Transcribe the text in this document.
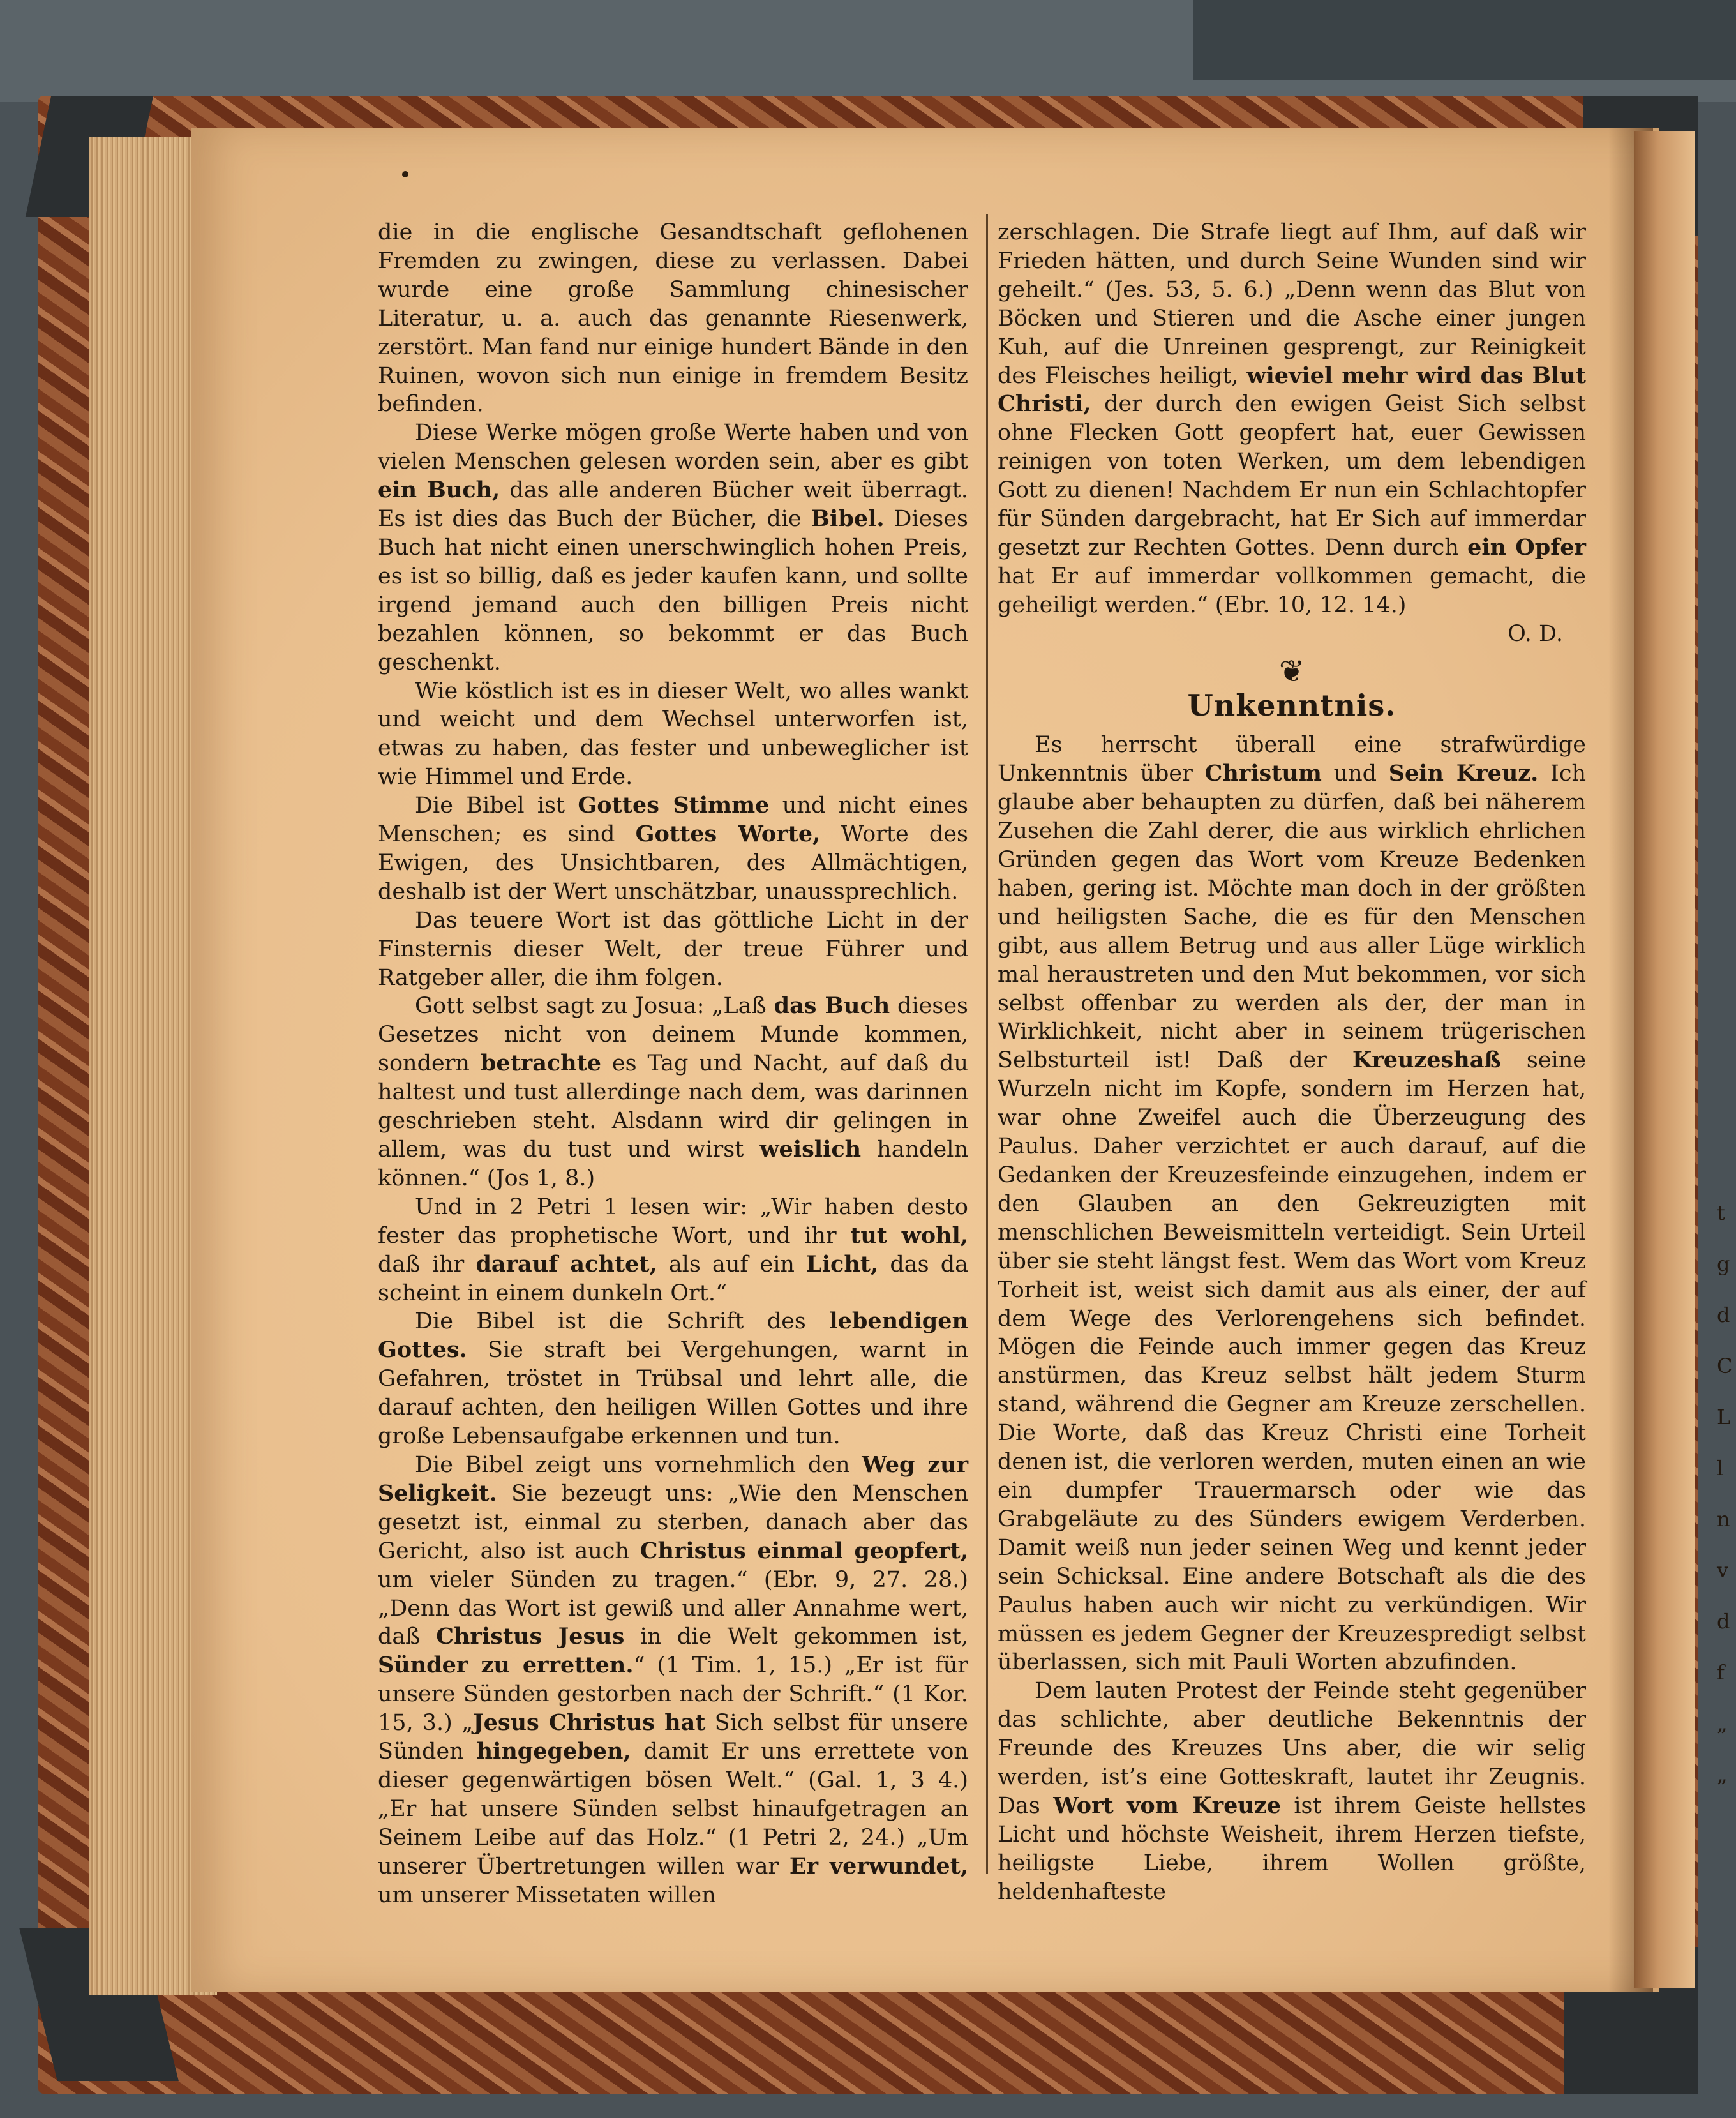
die in die englische Gesandtschaft geflohenen Fremden zu zwingen, diese zu verlassen. Dabei wurde eine große Sammlung chinesischer Literatur, u. a. auch das genannte Riesenwerk, zerstört. Man fand nur einige hundert Bände in den Ruinen, wovon sich nun einige in fremdem Besitz befinden.

Diese Werke mögen große Werte haben und von vielen Menschen gelesen worden sein, aber es gibt ein Buch, das alle anderen Bücher weit überragt. Es ist dies das Buch der Bücher, die Bibel. Dieses Buch hat nicht einen unerschwinglich hohen Preis, es ist so billig, daß es jeder kaufen kann, und sollte irgend jemand auch den billigen Preis nicht bezahlen können, so bekommt er das Buch geschenkt.

Wie köstlich ist es in dieser Welt, wo alles wankt und weicht und dem Wechsel unterworfen ist, etwas zu haben, das fester und unbeweglicher ist wie Himmel und Erde.

Die Bibel ist Gottes Stimme und nicht eines Menschen; es sind Gottes Worte, Worte des Ewigen, des Unsichtbaren, des Allmächtigen, deshalb ist der Wert unschätzbar, unaussprechlich.

Das teuere Wort ist das göttliche Licht in der Finsternis dieser Welt, der treue Führer und Ratgeber aller, die ihm folgen.

Gott selbst sagt zu Josua: „Laß das Buch dieses Gesetzes nicht von deinem Munde kommen, sondern betrachte es Tag und Nacht, auf daß du haltest und tust allerdinge nach dem, was darinnen geschrieben steht. Alsdann wird dir gelingen in allem, was du tust und wirst weislich handeln können.“ (Jos 1, 8.)

Und in 2 Petri 1 lesen wir: „Wir haben desto fester das prophetische Wort, und ihr tut wohl, daß ihr darauf achtet, als auf ein Licht, das da scheint in einem dunkeln Ort.“

Die Bibel ist die Schrift des lebendigen Gottes. Sie straft bei Vergehungen, warnt in Gefahren, tröstet in Trübsal und lehrt alle, die darauf achten, den heiligen Willen Gottes und ihre große Lebensaufgabe erkennen und tun.

Die Bibel zeigt uns vornehmlich den Weg zur Seligkeit. Sie bezeugt uns: „Wie den Menschen gesetzt ist, einmal zu sterben, danach aber das Gericht, also ist auch Christus einmal geopfert, um vieler Sünden zu tragen.“ (Ebr. 9, 27. 28.) „Denn das Wort ist gewiß und aller Annahme wert, daß Christus Jesus in die Welt gekommen ist, Sünder zu erretten.“ (1 Tim. 1, 15.) „Er ist für unsere Sünden gestorben nach der Schrift.“ (1 Kor. 15, 3.) „Jesus Christus hat Sich selbst für unsere Sünden hingegeben, damit Er uns errettete von dieser gegenwärtigen bösen Welt.“ (Gal. 1, 3 4.) „Er hat unsere Sünden selbst hinaufgetragen an Seinem Leibe auf das Holz.“ (1 Petri 2, 24.) „Um unserer Übertretungen willen war Er verwundet, um unserer Missetaten willen

zerschlagen. Die Strafe liegt auf Ihm, auf daß wir Frieden hätten, und durch Seine Wunden sind wir geheilt.“ (Jes. 53, 5. 6.) „Denn wenn das Blut von Böcken und Stieren und die Asche einer jungen Kuh, auf die Unreinen gesprengt, zur Reinigkeit des Fleisches heiligt, wieviel mehr wird das Blut Christi, der durch den ewigen Geist Sich selbst ohne Flecken Gott geopfert hat, euer Gewissen reinigen von toten Werken, um dem lebendigen Gott zu dienen! Nachdem Er nun ein Schlachtopfer für Sünden dargebracht, hat Er Sich auf immerdar gesetzt zur Rechten Gottes. Denn durch ein Opfer hat Er auf immerdar vollkommen gemacht, die geheiligt werden.“ (Ebr. 10, 12. 14.)

O. D.

❦
Unkenntnis.

Es herrscht überall eine strafwürdige Unkenntnis über Christum und Sein Kreuz. Ich glaube aber behaupten zu dürfen, daß bei näherem Zusehen die Zahl derer, die aus wirklich ehrlichen Gründen gegen das Wort vom Kreuze Bedenken haben, gering ist. Möchte man doch in der größten und heiligsten Sache, die es für den Menschen gibt, aus allem Betrug und aus aller Lüge wirklich mal heraustreten und den Mut bekommen, vor sich selbst offenbar zu werden als der, der man in Wirklichkeit, nicht aber in seinem trügerischen Selbsturteil ist! Daß der Kreuzeshaß seine Wurzeln nicht im Kopfe, sondern im Herzen hat, war ohne Zweifel auch die Überzeugung des Paulus. Daher verzichtet er auch darauf, auf die Gedanken der Kreuzesfeinde einzugehen, indem er den Glauben an den Gekreuzigten mit menschlichen Beweismitteln verteidigt. Sein Urteil über sie steht längst fest. Wem das Wort vom Kreuz Torheit ist, weist sich damit aus als einer, der auf dem Wege des Verlorengehens sich befindet. Mögen die Feinde auch immer gegen das Kreuz anstürmen, das Kreuz selbst hält jedem Sturm stand, während die Gegner am Kreuze zerschellen. Die Worte, daß das Kreuz Christi eine Torheit denen ist, die verloren werden, muten einen an wie ein dumpfer Trauermarsch oder wie das Grabgeläute zu des Sünders ewigem Verderben. Damit weiß nun jeder seinen Weg und kennt jeder sein Schicksal. Eine andere Botschaft als die des Paulus haben auch wir nicht zu verkündigen. Wir müssen es jedem Gegner der Kreuzespredigt selbst überlassen, sich mit Pauli Worten abzufinden.

Dem lauten Protest der Feinde steht gegenüber das schlichte, aber deutliche Bekenntnis der Freunde des Kreuzes Uns aber, die wir selig werden, ist’s eine Gotteskraft, lautet ihr Zeugnis. Das Wort vom Kreuze ist ihrem Geiste hellstes Licht und höchste Weisheit, ihrem Herzen tiefste, heiligste Liebe, ihrem Wollen größte, heldenhafteste

t
g
d
C
L
l
n
v
d
f
„
„
